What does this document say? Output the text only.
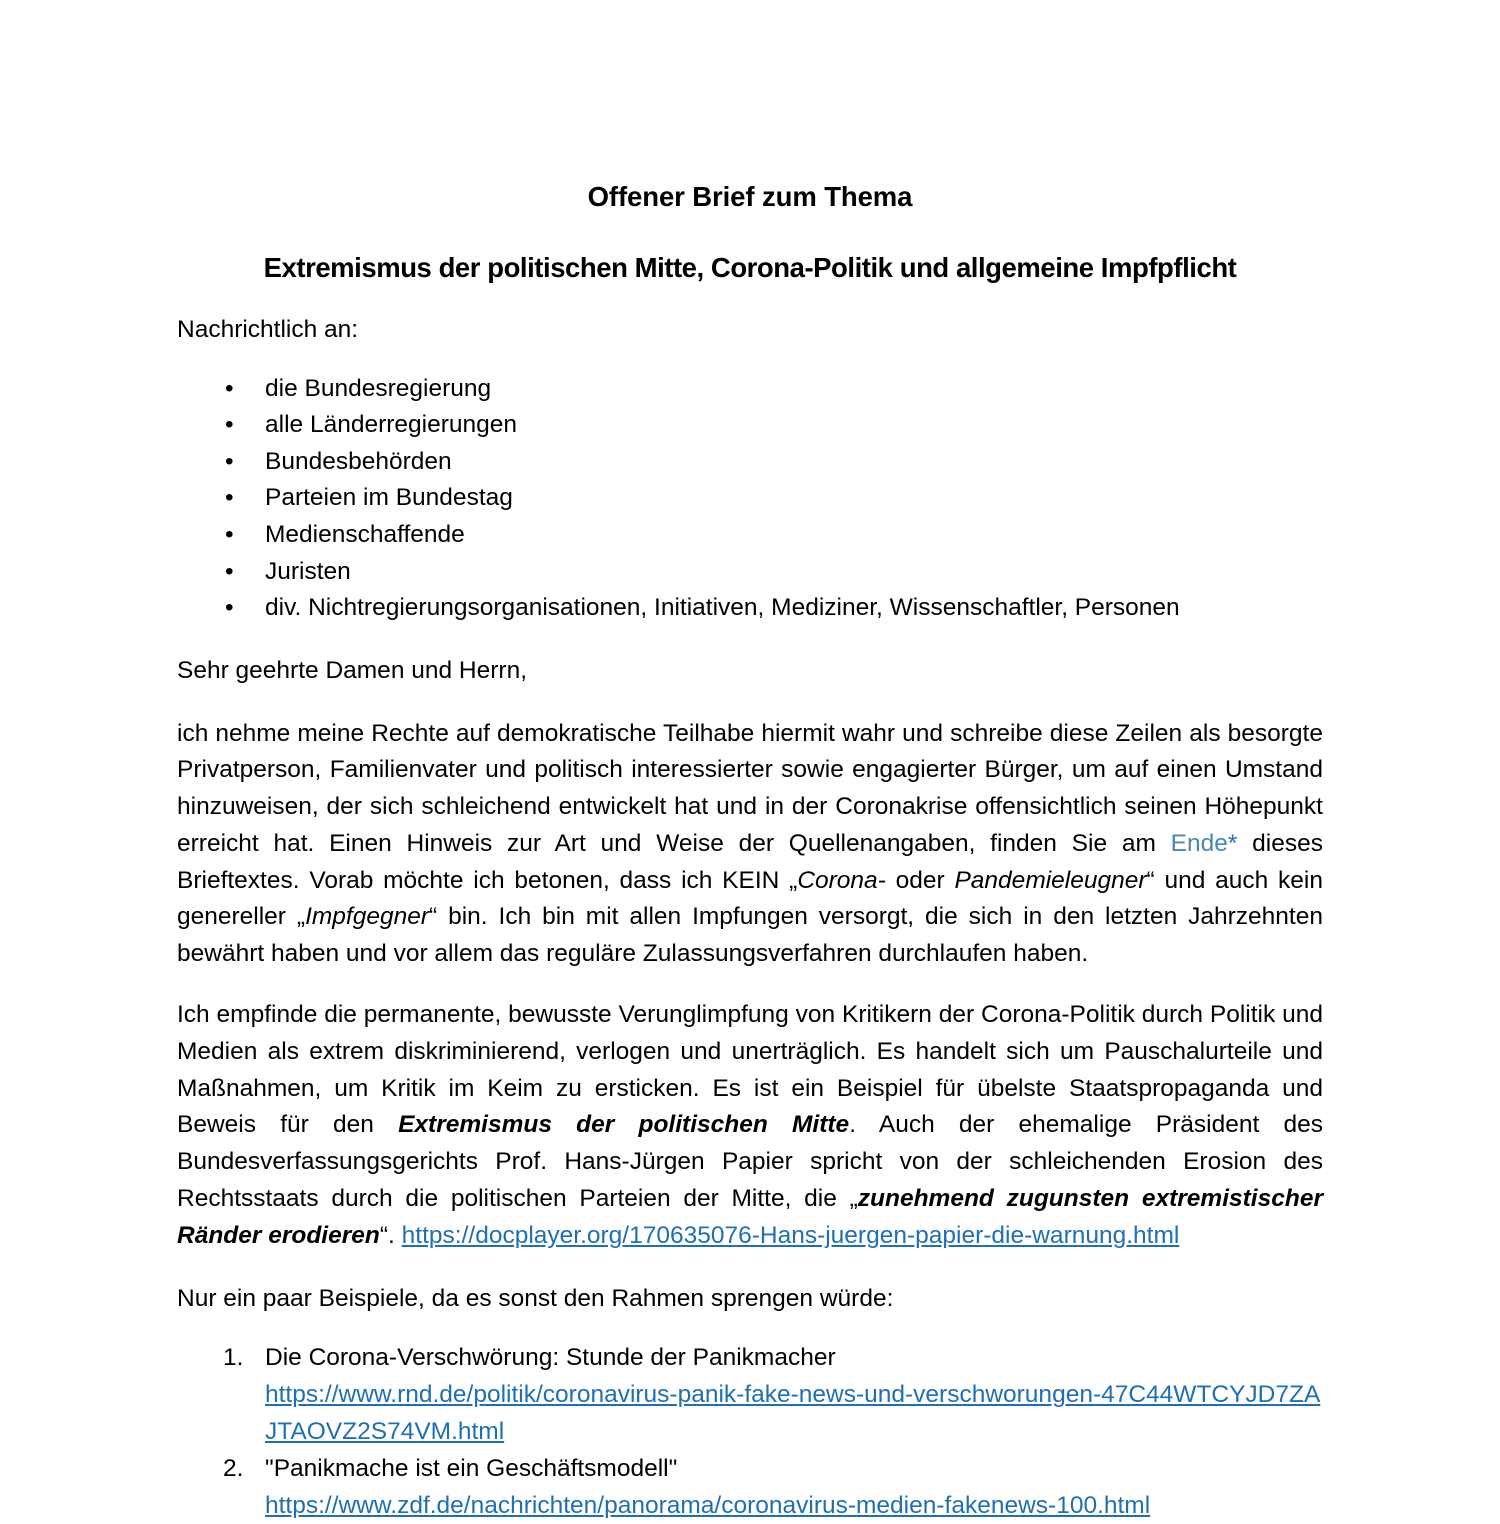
Offener Brief zum Thema
Extremismus der politischen Mitte, Corona-Politik und allgemeine Impfpflicht

Nachrichtlich an:

• die Bundesregierung
• alle Länderregierungen
• Bundesbehörden
• Parteien im Bundestag
• Medienschaffende
• Juristen
• div. Nichtregierungsorganisationen, Initiativen, Mediziner, Wissenschaftler, Personen

Sehr geehrte Damen und Herrn,

ich nehme meine Rechte auf demokratische Teilhabe hiermit wahr und schreibe diese Zeilen als besorgte Privatperson, Familienvater und politisch interessierter sowie engagierter Bürger, um auf einen Umstand hinzuweisen, der sich schleichend entwickelt hat und in der Coronakrise offensichtlich seinen Höhepunkt erreicht hat. Einen Hinweis zur Art und Weise der Quellenangaben, finden Sie am Ende* dieses Brieftextes. Vorab möchte ich betonen, dass ich KEIN „Corona- oder Pandemieleugner“ und auch kein genereller „Impfgegner“ bin. Ich bin mit allen Impfungen versorgt, die sich in den letzten Jahrzehnten bewährt haben und vor allem das reguläre Zulassungsverfahren durchlaufen haben.

Ich empfinde die permanente, bewusste Verunglimpfung von Kritikern der Corona-Politik durch Politik und Medien als extrem diskriminierend, verlogen und unerträglich. Es handelt sich um Pauschalurteile und Maßnahmen, um Kritik im Keim zu ersticken. Es ist ein Beispiel für übelste Staatspropaganda und Beweis für den Extremismus der politischen Mitte. Auch der ehemalige Präsident des Bundesverfassungsgerichts Prof. Hans-Jürgen Papier spricht von der schleichenden Erosion des Rechtsstaats durch die politischen Parteien der Mitte, die „zunehmend zugunsten extremistischer Ränder erodieren“. https://docplayer.org/170635076-Hans-juergen-papier-die-warnung.html

Nur ein paar Beispiele, da es sonst den Rahmen sprengen würde:

1. Die Corona-Verschwörung: Stunde der Panikmacher
https://www.rnd.de/politik/coronavirus-panik-fake-news-und-verschworungen-47C44WTCYJD7ZAJTAOVZ2S74VM.html
2. "Panikmache ist ein Geschäftsmodell"
https://www.zdf.de/nachrichten/panorama/coronavirus-medien-fakenews-100.html
